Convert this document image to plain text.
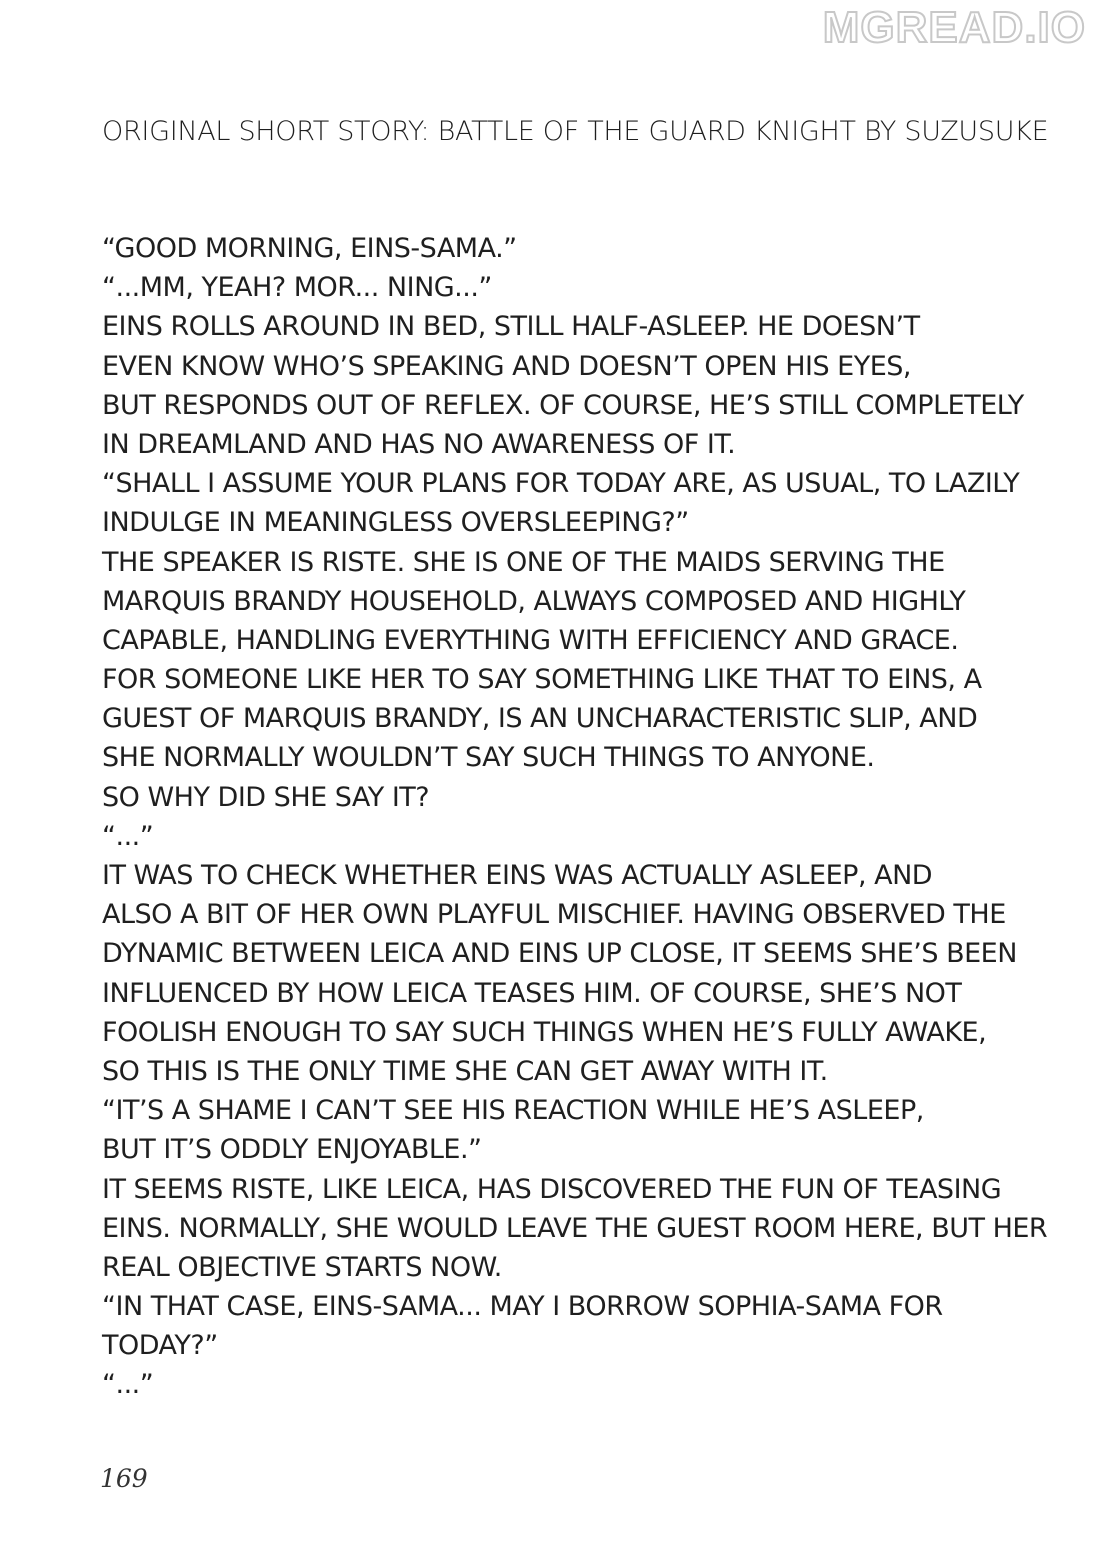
MGREAD.IO
ORIGINAL SHORT STORY: BATTLE OF THE GUARD KNIGHT BY SUZUSUKE
“GOOD MORNING, EINS-SAMA.”
“...MM, YEAH? MOR... NING...”
EINS ROLLS AROUND IN BED, STILL HALF-ASLEEP. HE DOESN’T
EVEN KNOW WHO’S SPEAKING AND DOESN’T OPEN HIS EYES,
BUT RESPONDS OUT OF REFLEX. OF COURSE, HE’S STILL COMPLETELY
IN DREAMLAND AND HAS NO AWARENESS OF IT.
“SHALL I ASSUME YOUR PLANS FOR TODAY ARE, AS USUAL, TO LAZILY
INDULGE IN MEANINGLESS OVERSLEEPING?”
THE SPEAKER IS RISTE. SHE IS ONE OF THE MAIDS SERVING THE
MARQUIS BRANDY HOUSEHOLD, ALWAYS COMPOSED AND HIGHLY
CAPABLE, HANDLING EVERYTHING WITH EFFICIENCY AND GRACE.
FOR SOMEONE LIKE HER TO SAY SOMETHING LIKE THAT TO EINS, A
GUEST OF MARQUIS BRANDY, IS AN UNCHARACTERISTIC SLIP, AND
SHE NORMALLY WOULDN’T SAY SUCH THINGS TO ANYONE.
SO WHY DID SHE SAY IT?
“...”
IT WAS TO CHECK WHETHER EINS WAS ACTUALLY ASLEEP, AND
ALSO A BIT OF HER OWN PLAYFUL MISCHIEF. HAVING OBSERVED THE
DYNAMIC BETWEEN LEICA AND EINS UP CLOSE, IT SEEMS SHE’S BEEN
INFLUENCED BY HOW LEICA TEASES HIM. OF COURSE, SHE’S NOT
FOOLISH ENOUGH TO SAY SUCH THINGS WHEN HE’S FULLY AWAKE,
SO THIS IS THE ONLY TIME SHE CAN GET AWAY WITH IT.
“IT’S A SHAME I CAN’T SEE HIS REACTION WHILE HE’S ASLEEP,
BUT IT’S ODDLY ENJOYABLE.”
IT SEEMS RISTE, LIKE LEICA, HAS DISCOVERED THE FUN OF TEASING
EINS. NORMALLY, SHE WOULD LEAVE THE GUEST ROOM HERE, BUT HER
REAL OBJECTIVE STARTS NOW.
“IN THAT CASE, EINS-SAMA... MAY I BORROW SOPHIA-SAMA FOR
TODAY?”
“...”
169
